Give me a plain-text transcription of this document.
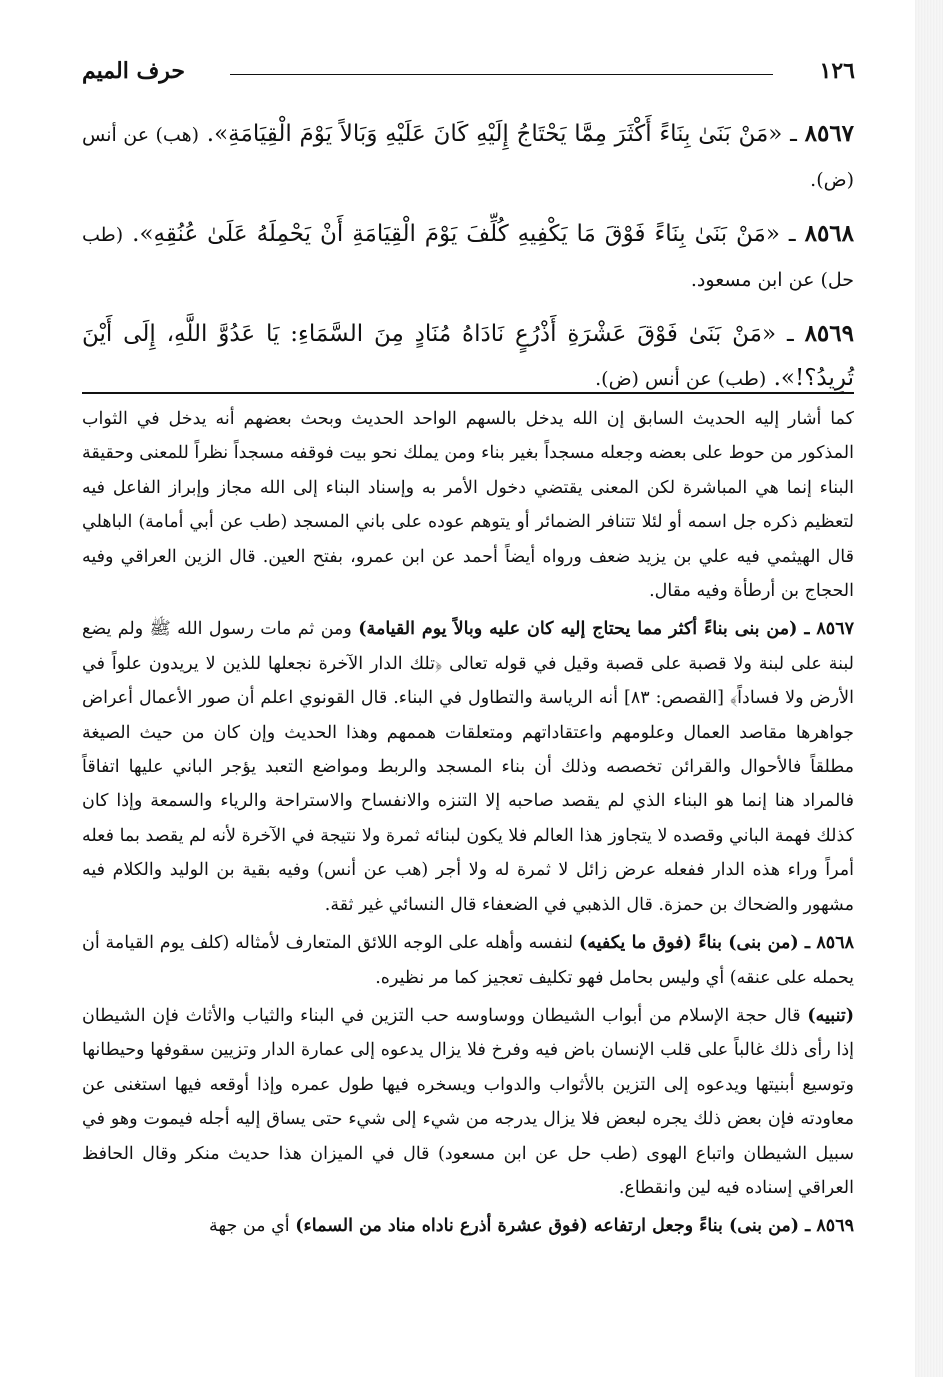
١٢٦
حرف الميم

٨٥٦٧ ـ «مَنْ بَنَىٰ بِنَاءً أَكْثَرَ مِمَّا يَحْتَاجُ إِلَيْهِ كَانَ عَلَيْهِ وَبَالاً يَوْمَ الْقِيَامَةِ». (هب) عن أنس (ض).

٨٥٦٨ ـ «مَنْ بَنَىٰ بِنَاءً فَوْقَ مَا يَكْفِيهِ كُلِّفَ يَوْمَ الْقِيَامَةِ أَنْ يَحْمِلَهُ عَلَىٰ عُنُقِهِ». (طب حل) عن ابن مسعود.

٨٥٦٩ ـ «مَنْ بَنَىٰ فَوْقَ عَشْرَةِ أَذْرُعٍ نَادَاهُ مُنَادٍ مِنَ السَّمَاءِ: يَا عَدُوَّ اللَّهِ، إِلَى أَيْنَ تُرِيدُ؟!». (طب) عن أنس (ض).

كما أشار إليه الحديث السابق إن الله يدخل بالسهم الواحد الحديث وبحث بعضهم أنه يدخل في الثواب المذكور من حوط على بعضه وجعله مسجداً بغير بناء ومن يملك نحو بيت فوقفه مسجداً نظراً للمعنى وحقيقة البناء إنما هي المباشرة لكن المعنى يقتضي دخول الأمر به وإسناد البناء إلى الله مجاز وإبراز الفاعل فيه لتعظيم ذكره جل اسمه أو لئلا تتنافر الضمائر أو يتوهم عوده على باني المسجد (طب عن أبي أمامة) الباهلي قال الهيثمي فيه علي بن يزيد ضعف ورواه أيضاً أحمد عن ابن عمرو، بفتح العين. قال الزين العراقي وفيه الحجاج بن أرطأة وفيه مقال.

٨٥٦٧ ـ (من بنى بناءً أكثر مما يحتاج إليه كان عليه وبالاً يوم القيامة) ومن ثم مات رسول الله ﷺ ولم يضع لبنة على لبنة ولا قصبة على قصبة وقيل في قوله تعالى ﴿تلك الدار الآخرة نجعلها للذين لا يريدون علواً في الأرض ولا فساداً﴾ [القصص: ٨٣] أنه الرياسة والتطاول في البناء. قال القونوي اعلم أن صور الأعمال أعراض جواهرها مقاصد العمال وعلومهم واعتقاداتهم ومتعلقات هممهم وهذا الحديث وإن كان من حيث الصيغة مطلقاً فالأحوال والقرائن تخصصه وذلك أن بناء المسجد والربط ومواضع التعبد يؤجر الباني عليها اتفاقاً فالمراد هنا إنما هو البناء الذي لم يقصد صاحبه إلا التنزه والانفساح والاستراحة والرياء والسمعة وإذا كان كذلك فهمة الباني وقصده لا يتجاوز هذا العالم فلا يكون لبنائه ثمرة ولا نتيجة في الآخرة لأنه لم يقصد بما فعله أمراً وراء هذه الدار ففعله عرض زائل لا ثمرة له ولا أجر (هب عن أنس) وفيه بقية بن الوليد والكلام فيه مشهور والضحاك بن حمزة. قال الذهبي في الضعفاء قال النسائي غير ثقة.

٨٥٦٨ ـ (من بنى) بناءً (فوق ما يكفيه) لنفسه وأهله على الوجه اللائق المتعارف لأمثاله (كلف يوم القيامة أن يحمله على عنقه) أي وليس بحامل فهو تكليف تعجيز كما مر نظيره.

(تنبيه) قال حجة الإسلام من أبواب الشيطان ووساوسه حب التزين في البناء والثياب والأثاث فإن الشيطان إذا رأى ذلك غالباً على قلب الإنسان باض فيه وفرخ فلا يزال يدعوه إلى عمارة الدار وتزيين سقوفها وحيطانها وتوسيع أبنيتها ويدعوه إلى التزين بالأثواب والدواب ويسخره فيها طول عمره وإذا أوقعه فيها استغنى عن معاودته فإن بعض ذلك يجره لبعض فلا يزال يدرجه من شيء إلى شيء حتى يساق إليه أجله فيموت وهو في سبيل الشيطان واتباع الهوى (طب حل عن ابن مسعود) قال في الميزان هذا حديث منكر وقال الحافظ العراقي إسناده فيه لين وانقطاع.

٨٥٦٩ ـ (من بنى) بناءً وجعل ارتفاعه (فوق عشرة أذرع ناداه مناد من السماء) أي من جهة
